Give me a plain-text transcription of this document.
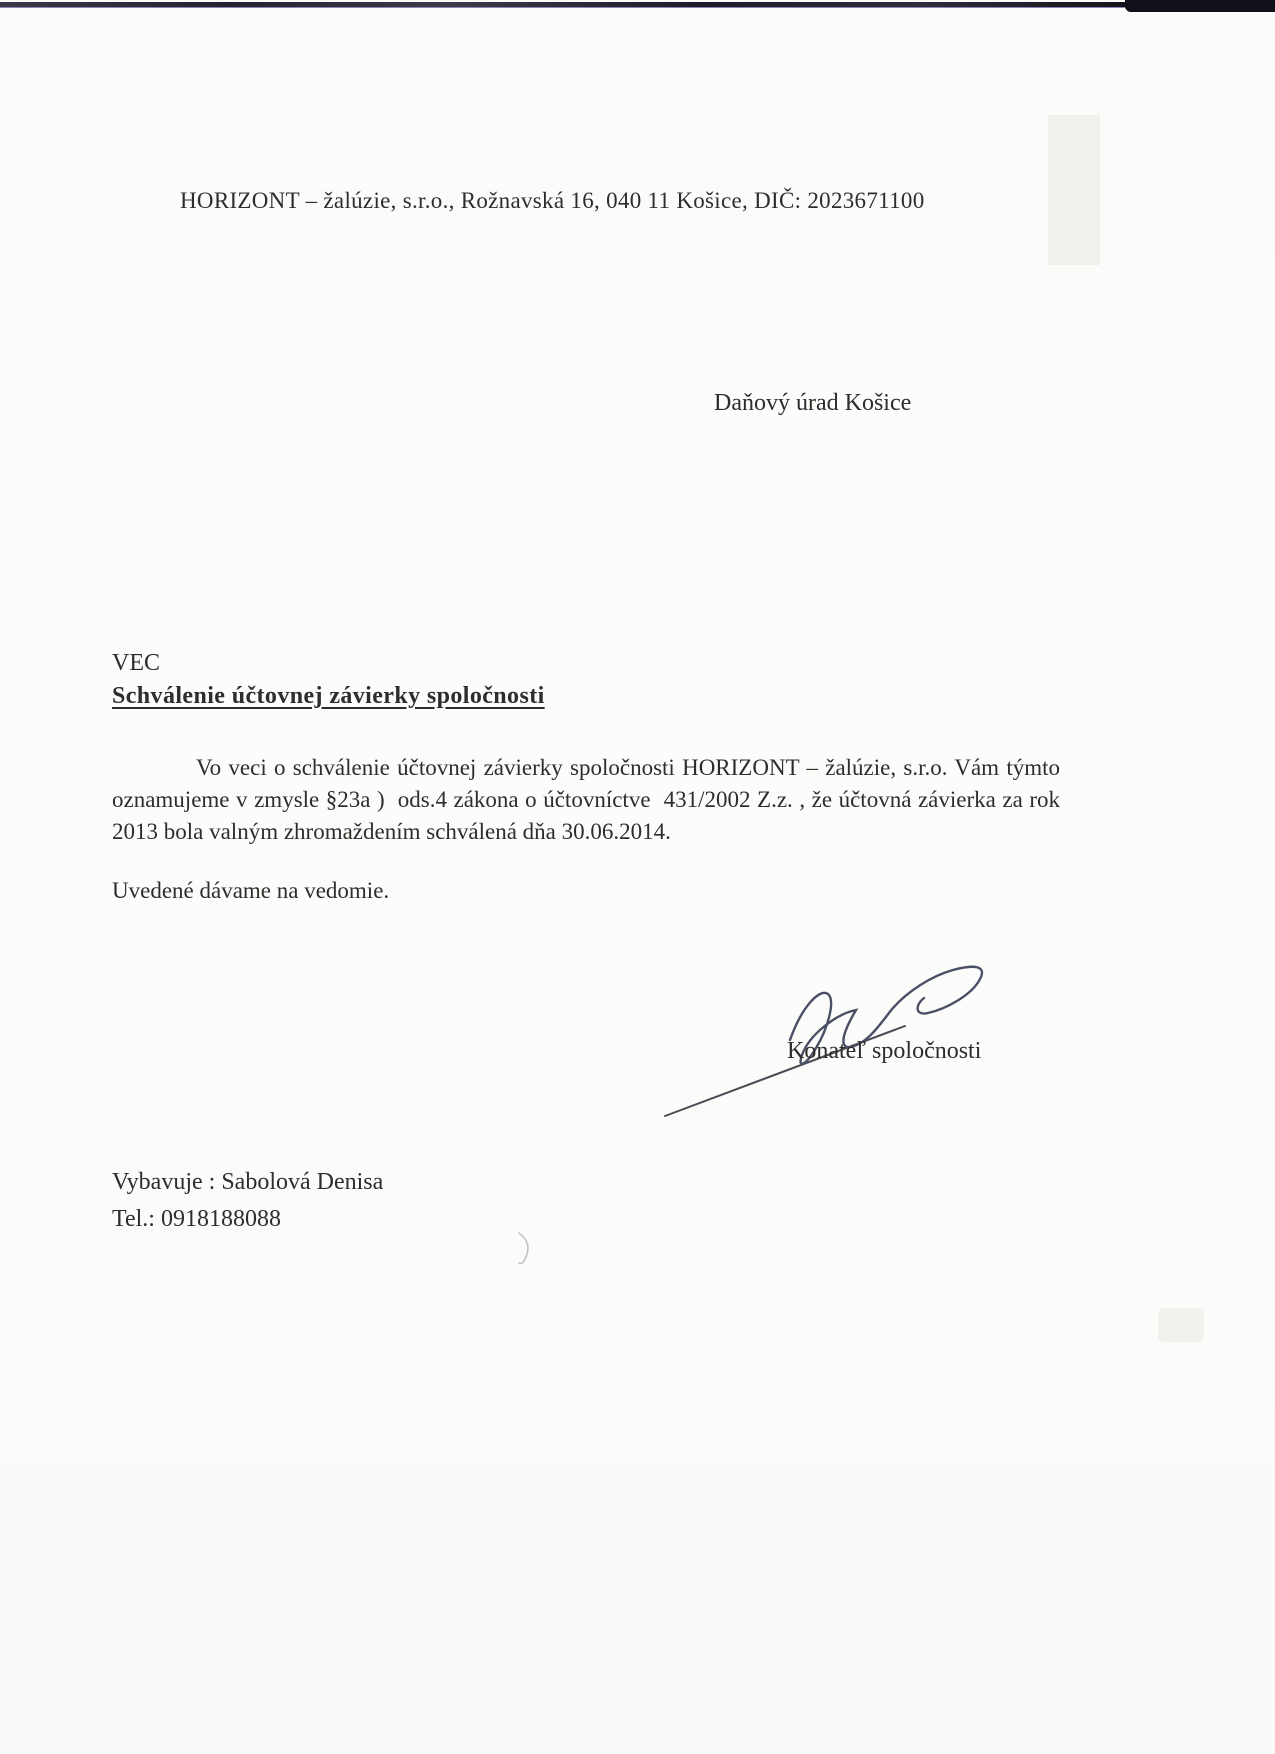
HORIZONT – žalúzie, s.r.o., Rožnavská 16, 040 11 Košice, DIČ: 2023671100
Daňový úrad Košice
VEC
Schválenie účtovnej závierky spoločnosti

Vo veci o schválenie účtovnej závierky spoločnosti HORIZONT – žalúzie, s.r.o. Vám týmto oznamujeme v zmysle §23a )  ods.4 zákona o účtovníctve  431/2002 Z.z. , že účtovná závierka za rok 2013 bola valným zhromaždením schválená dňa 30.06.2014.

Uvedené dávame na vedomie.

Konateľ spoločnosti
Vybavuje : Sabolová Denisa
Tel.: 0918188088
